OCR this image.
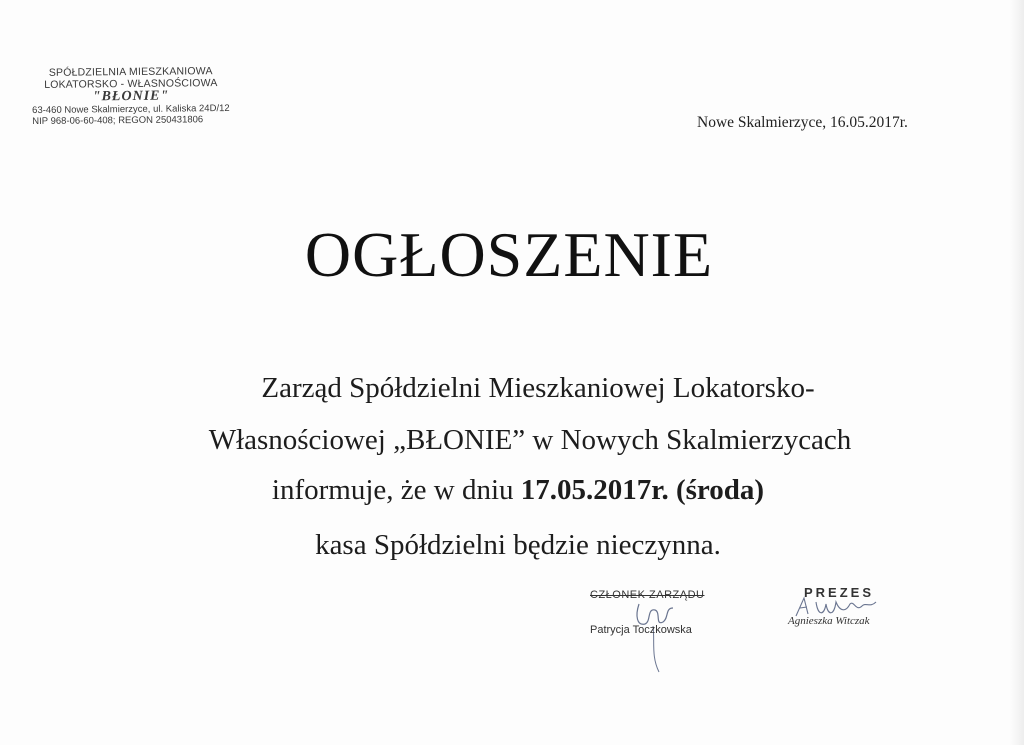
SPÓŁDZIELNIA MIESZKANIOWA
LOKATORSKO - WŁASNOŚCIOWA
"BŁONIE"
63-460 Nowe Skalmierzyce, ul. Kaliska 24D/12
NIP 968-06-60-408; REGON 250431806	Nowe Skalmierzyce, 16.05.2017r.
OGŁOSZENIE
Zarząd Spółdzielni Mieszkaniowej Lokatorsko-
Własnościowej „BŁONIE” w Nowych Skalmierzycach
informuje, że w dniu 17.05.2017r. (środa)
kasa Spółdzielni będzie nieczynna.
CZŁONEK ZARZĄDU
Patrycja Toczkowska
PREZES
Agnieszka Witczak
